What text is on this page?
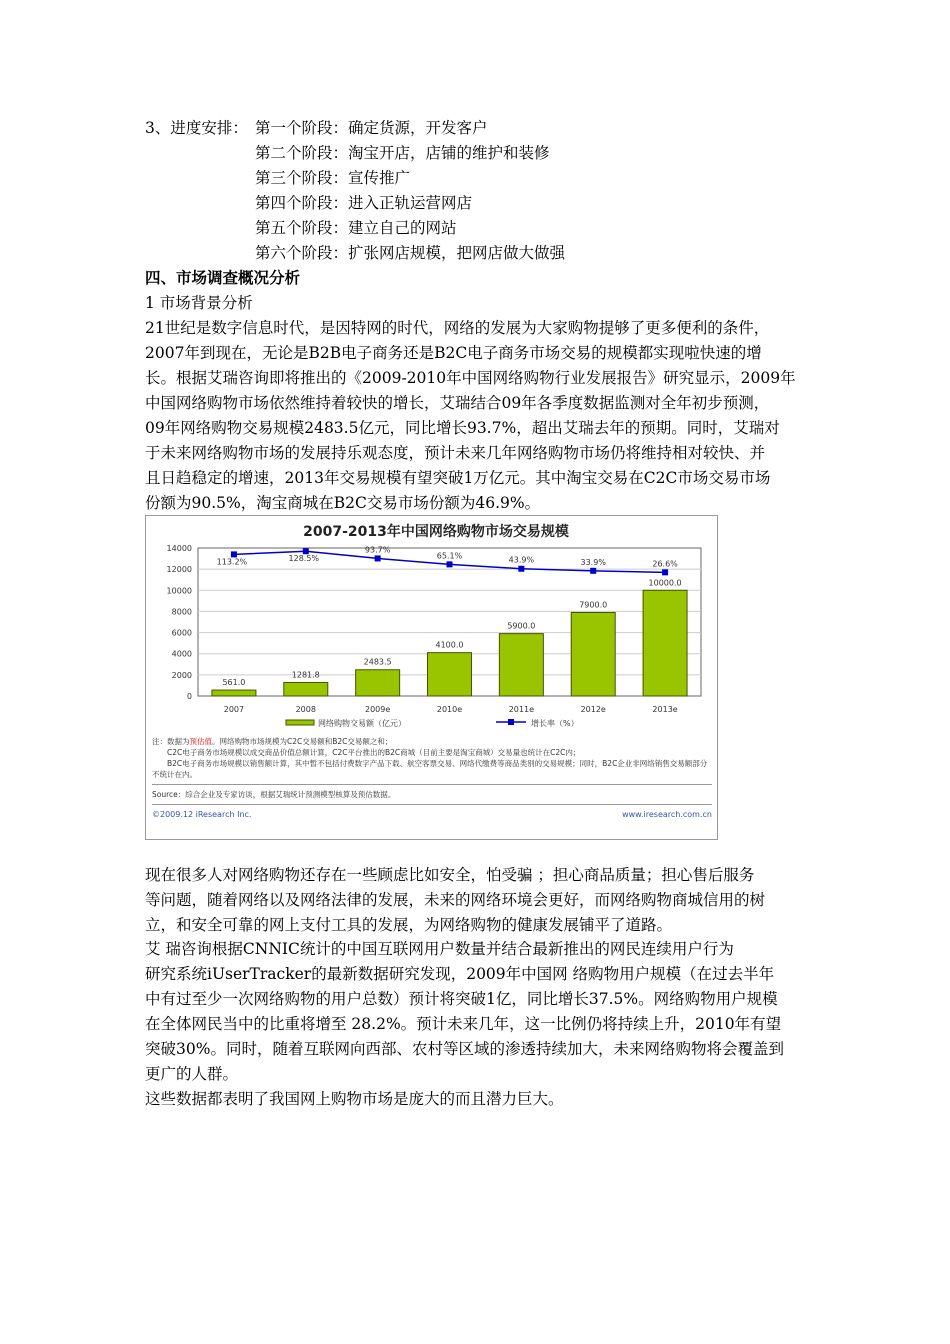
3、进度安排： 第一个阶段：确定货源，开发客户
第二个阶段：淘宝开店，店铺的维护和装修
第三个阶段：宣传推广
第四个阶段：进入正轨运营网店
第五个阶段：建立自己的网站
第六个阶段：扩张网店规模，把网店做大做强
四、市场调查概况分析
1 市场背景分析
2007-2013年中国网络购物市场交易规模
0
2000
4000
6000
8000
10000
12000
14000
561.0
2007
1281.8
2008
2483.5
2009e
4100.0
2010e
5900.0
2011e
7900.0
2012e
10000.0
2013e
113.2%	128.5%
93.7%
65.1%	43.9%	33.9%	26.6%
网络购物交易额（亿元）	增长率（%）
注：数据为预估值。网络购物市场规模为C2C交易额和B2C交易额之和；
　　C2C电子商务市场规模以成交商品价值总额计算，C2C平台推出的B2C商城（目前主要是淘宝商城）交易量也统计在C2C内；
　　B2C电子商务市场规模以销售额计算，其中暂不包括付费数字产品下载、航空客票交易、网络代缴费等商品类别的交易规模；同时，B2C企业非网络销售交易额部分不统计在内。
Source：综合企业及专家访谈，根据艾瑞统计预测模型核算及预估数据。
©2009.12 iResearch Inc.	www.iresearch.com.cn
21世纪是数字信息时代，是因特网的时代，网络的发展为大家购物提够了更多便利的条件，
2007年到现在，无论是B2B电子商务还是B2C电子商务市场交易的规模都实现啦快速的增
长。根据艾瑞咨询即将推出的《2009-2010年中国网络购物行业发展报告》研究显示，2009年
中国网络购物市场依然维持着较快的增长，艾瑞结合09年各季度数据监测对全年初步预测，
09年网络购物交易规模2483.5亿元，同比增长93.7%，超出艾瑞去年的预期。同时，艾瑞对
于未来网络购物市场的发展持乐观态度，预计未来几年网络购物市场仍将维持相对较快、并
且日趋稳定的增速，2013年交易规模有望突破1万亿元。其中淘宝交易在C2C市场交易市场
份额为90.5%，淘宝商城在B2C交易市场份额为46.9%。
现在很多人对网络购物还存在一些顾虑比如安全，怕受骗 ；担心商品质量；担心售后服务
等问题，随着网络以及网络法律的发展，未来的网络环境会更好，而网络购物商城信用的树
立，和安全可靠的网上支付工具的发展，为网络购物的健康发展铺平了道路。
艾 瑞咨询根据CNNIC统计的中国互联网用户数量并结合最新推出的网民连续用户行为
研究系统iUserTracker的最新数据研究发现，2009年中国网 络购物用户规模（在过去半年
中有过至少一次网络购物的用户总数）预计将突破1亿，同比增长37.5%。网络购物用户规模
在全体网民当中的比重将增至 28.2%。预计未来几年，这一比例仍将持续上升，2010年有望
突破30%。同时，随着互联网向西部、农村等区域的渗透持续加大，未来网络购物将会覆盖到
更广的人群。
这些数据都表明了我国网上购物市场是庞大的而且潜力巨大。
